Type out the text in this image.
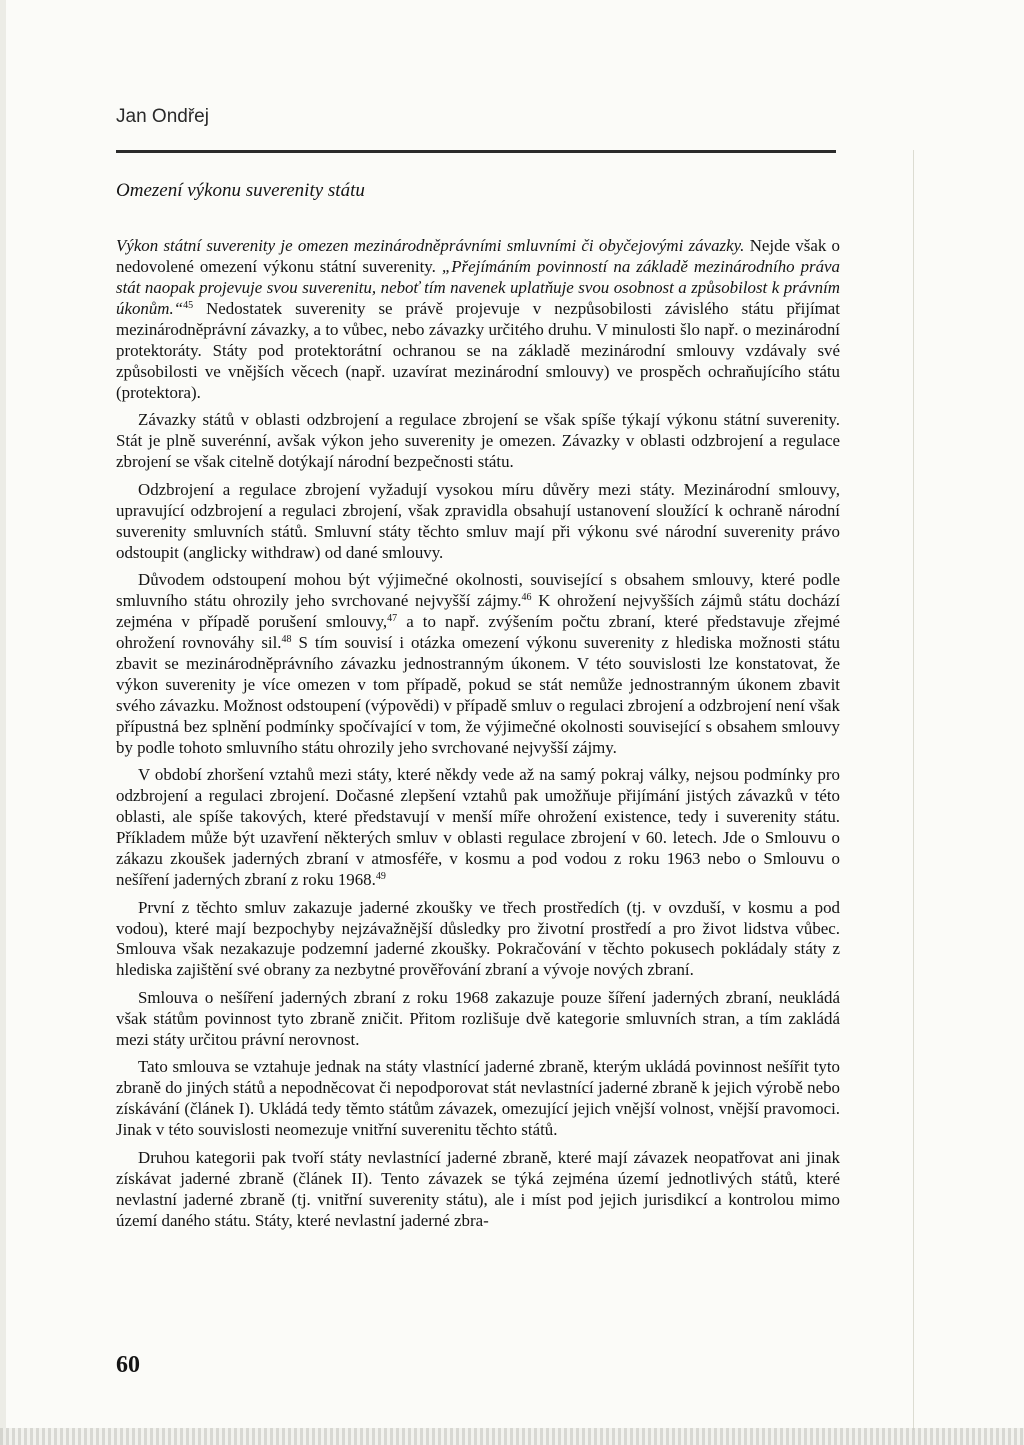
Jan Ondřej
Omezení výkonu suverenity státu

Výkon státní suverenity je omezen mezinárodněprávními smluvními či obyčejovými závazky. Nejde však o nedovolené omezení výkonu státní suverenity. „Přejímáním povinností na základě mezinárodního práva stát naopak projevuje svou suverenitu, neboť tím navenek uplatňuje svou osobnost a způsobilost k právním úkonům.“$^{45}$ Nedostatek suverenity se právě projevuje v nezpůsobilosti závislého státu přijímat mezinárodněprávní závazky, a to vůbec, nebo závazky určitého druhu. V minulosti šlo např. o mezinárodní protektoráty. Státy pod protektorátní ochranou se na základě mezinárodní smlouvy vzdávaly své způsobilosti ve vnějších věcech (např. uzavírat mezinárodní smlouvy) ve prospěch ochraňujícího státu (protektora).

Závazky států v oblasti odzbrojení a regulace zbrojení se však spíše týkají výkonu státní suverenity. Stát je plně suverénní, avšak výkon jeho suverenity je omezen. Závazky v oblasti odzbrojení a regulace zbrojení se však citelně dotýkají národní bezpečnosti státu.

Odzbrojení a regulace zbrojení vyžadují vysokou míru důvěry mezi státy. Mezinárodní smlouvy, upravující odzbrojení a regulaci zbrojení, však zpravidla obsahují ustanovení sloužící k ochraně národní suverenity smluvních států. Smluvní státy těchto smluv mají při výkonu své národní suverenity právo odstoupit (anglicky withdraw) od dané smlouvy.

Důvodem odstoupení mohou být výjimečné okolnosti, související s obsahem smlouvy, které podle smluvního státu ohrozily jeho svrchované nejvyšší zájmy.$^{46}$ K ohrožení nejvyšších zájmů státu dochází zejména v případě porušení smlouvy,$^{47}$ a to např. zvýšením počtu zbraní, které představuje zřejmé ohrožení rovnováhy sil.$^{48}$ S tím souvisí i otázka omezení výkonu suverenity z hlediska možnosti státu zbavit se mezinárodněprávního závazku jednostranným úkonem. V této souvislosti lze konstatovat, že výkon suverenity je více omezen v tom případě, pokud se stát nemůže jednostranným úkonem zbavit svého závazku. Možnost odstoupení (výpovědi) v případě smluv o regulaci zbrojení a odzbrojení není však přípustná bez splnění podmínky spočívající v tom, že výjimečné okolnosti související s obsahem smlouvy by podle tohoto smluvního státu ohrozily jeho svrchované nejvyšší zájmy.

V období zhoršení vztahů mezi státy, které někdy vede až na samý pokraj války, nejsou podmínky pro odzbrojení a regulaci zbrojení. Dočasné zlepšení vztahů pak umožňuje přijímání jistých závazků v této oblasti, ale spíše takových, které představují v menší míře ohrožení existence, tedy i suverenity státu. Příkladem může být uzavření některých smluv v oblasti regulace zbrojení v 60. letech. Jde o Smlouvu o zákazu zkoušek jaderných zbraní v atmosféře, v kosmu a pod vodou z roku 1963 nebo o Smlouvu o nešíření jaderných zbraní z roku 1968.49

První z těchto smluv zakazuje jaderné zkoušky ve třech prostředích (tj. v ovzduší, v kosmu a pod vodou), které mají bezpochyby nejzávažnější důsledky pro životní prostředí a pro život lidstva vůbec. Smlouva však nezakazuje podzemní jaderné zkoušky. Pokračování v těchto pokusech pokládaly státy z hlediska zajištění své obrany za nezbytné prověřování zbraní a vývoje nových zbraní.

Smlouva o nešíření jaderných zbraní z roku 1968 zakazuje pouze šíření jaderných zbraní, neukládá však státům povinnost tyto zbraně zničit. Přitom rozlišuje dvě kategorie smluvních stran, a tím zakládá mezi státy určitou právní nerovnost.

Tato smlouva se vztahuje jednak na státy vlastnící jaderné zbraně, kterým ukládá povinnost nešířit tyto zbraně do jiných států a nepodněcovat či nepodporovat stát nevlastnící jaderné zbraně k jejich výrobě nebo získávání (článek I). Ukládá tedy těmto státům závazek, omezující jejich vnější volnost, vnější pravomoci. Jinak v této souvislosti neomezuje vnitřní suverenitu těchto států.

Druhou kategorii pak tvoří státy nevlastnící jaderné zbraně, které mají závazek neopatřovat ani jinak získávat jaderné zbraně (článek II). Tento závazek se týká zejména území jednotlivých států, které nevlastní jaderné zbraně (tj. vnitřní suverenity státu), ale i míst pod jejich jurisdikcí a kontrolou mimo území daného státu. Státy, které nevlastní jaderné zbra-

60
